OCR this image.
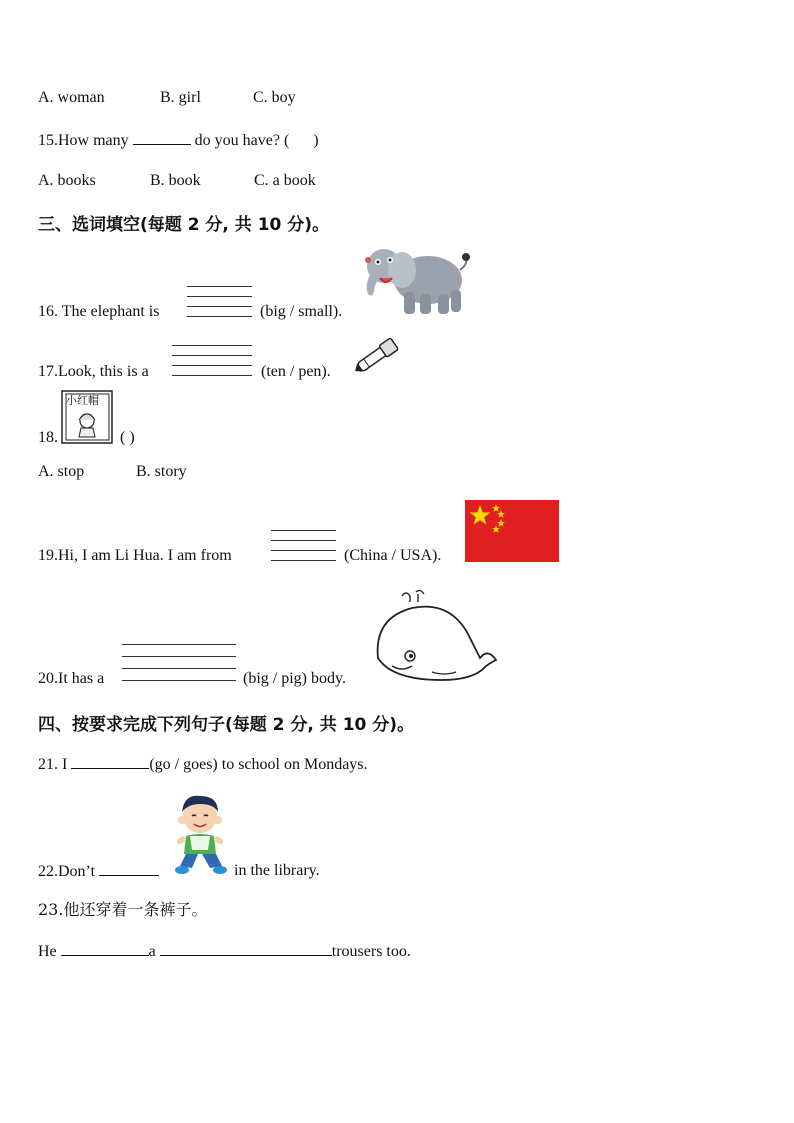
A. woman	B. girl	C. boy
15.How many	do you have? ( )
A. books	B. book	C. a book
三、选词填空(每题 2 分, 共 10 分)。
16. The elephant is	(big / small).
17.Look, this is a	(ten / pen).
小红帽
18.	( )
A. stop	B. story
19.Hi, I am Li Hua. I am from	(China / USA).
20.It has a	(big / pig) body.
四、按要求完成下列句子(每题 2 分, 共 10 分)。
21. I	(go / goes) to school on Mondays.
22.Don’t	in the library.
23.他还穿着一条裤子。
He	a	trousers too.
